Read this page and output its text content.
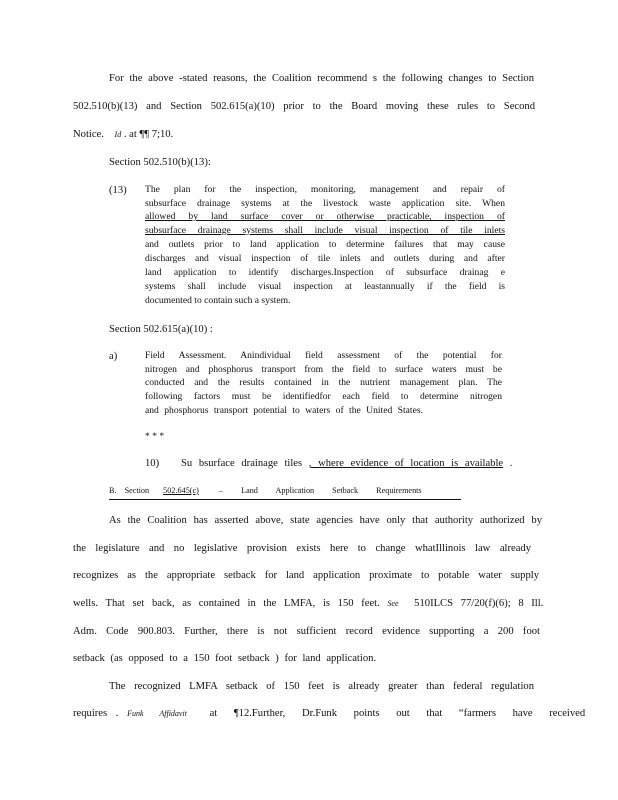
For the above -stated reasons, the Coalition recommend s the following changes to Section
502.510(b)(13) and Section 502.615(a)(10) prior to the Board moving these rules to Second
Notice. Id . at ¶¶ 7;10.
Section 502.510(b)(13):
(13) The plan for the inspection, monitoring, management and repair of
subsurface drainage systems at the livestock waste application site. When
allowed by land surface cover or otherwise practicable, inspection of
subsurface drainage systems shall include visual inspection of tile inlets
and outlets prior to land application to determine failures that may cause
discharges and visual inspection of tile inlets and outlets during and after
land application to identify discharges.Inspection of subsurface drainag e
systems shall include visual inspection at leastannually if the field is
documented to contain such a system.
Section 502.615(a)(10) :
a)	Field Assessment. Anindividual field assessment of the potential for
nitrogen and phosphorus transport from the field to surface waters must be
conducted and the results contained in the nutrient management plan. The
following factors must be identifiedfor each field to determine nitrogen
and phosphorus transport potential to waters of the United States.
* * *
10) Su bsurface drainage tiles , where evidence of location is available .
B. Section 502.645(c) – Land Application Setback Requirements
As the Coalition has asserted above, state agencies have only that authority authorized by
the legislature and no legislative provision exists here to change whatIllinois law already
recognizes as the appropriate setback for land application proximate to potable water supply
wells. That set back, as contained in the LMFA, is 150 feet. See 510ILCS 77/20(f)(6); 8 Ill.
Adm. Code 900.803. Further, there is not sufficient record evidence supporting a 200 foot
setback (as opposed to a 150 foot setback ) for land application.
The recognized LMFA setback of 150 feet is already greater than federal regulation
requires . Funk Affidavit at ¶12.Further, Dr.Funk points out that “farmers have received
